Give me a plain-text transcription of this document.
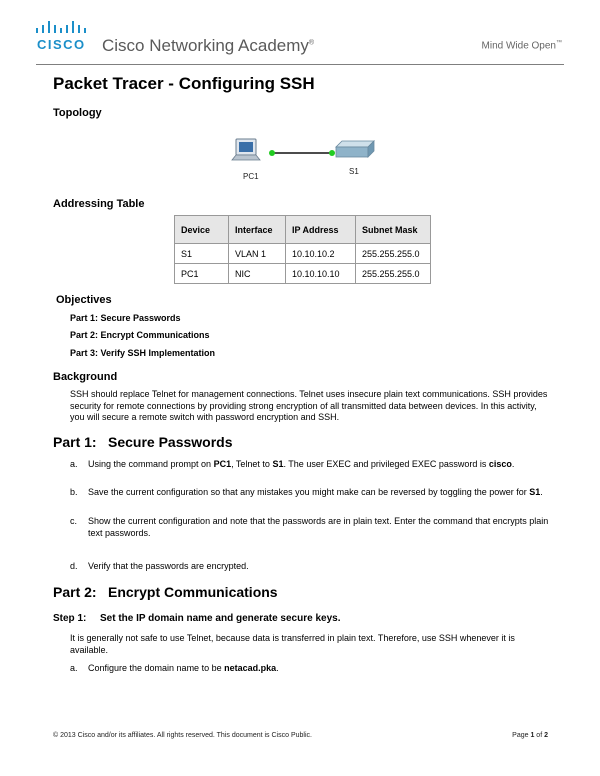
CISCO Cisco Networking Academy®	Mind Wide Open™
Packet Tracer - Configuring SSH
Topology
PC1
S1
Addressing Table
Device	Interface	IP Address	Subnet Mask
S1	VLAN 1	10.10.10.2	255.255.255.0
PC1	NIC	10.10.10.10	255.255.255.0
Objectives
Part 1: Secure Passwords
Part 2: Encrypt Communications
Part 3: Verify SSH Implementation
Background
SSH should replace Telnet for management connections. Telnet uses insecure plain text communications. SSH provides security for remote connections by providing strong encryption of all transmitted data between devices. In this activity, you will secure a remote switch with password encryption and SSH.
Part 1: Secure Passwords
a. Using the command prompt on PC1, Telnet to S1. The user EXEC and privileged EXEC password is cisco.
b. Save the current configuration so that any mistakes you might make can be reversed by toggling the power for S1.
c. Show the current configuration and note that the passwords are in plain text. Enter the command that encrypts plain text passwords.
d. Verify that the passwords are encrypted.
Part 2: Encrypt Communications
Step 1: Set the IP domain name and generate secure keys.
It is generally not safe to use Telnet, because data is transferred in plain text. Therefore, use SSH whenever it is available.
a. Configure the domain name to be netacad.pka.
© 2013 Cisco and/or its affiliates. All rights reserved. This document is Cisco Public.	Page 1 of 2
